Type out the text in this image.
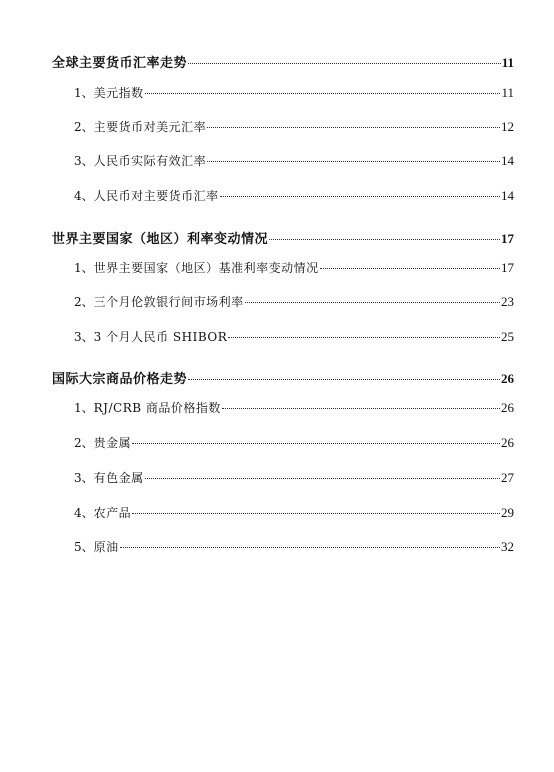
全球主要货币汇率走势	11
1、 美元指数	11
2、 主要货币对美元汇率	12
3、 人民币实际有效汇率	14
4、 人民币对主要货币汇率	14
世界主要国家（地区）利率变动情况	17
1、 世界主要国家（地区）基准利率变动情况	17
2、 三个月伦敦银行间市场利率	23
3、 3 个月人民币 SHIBOR	25
国际大宗商品价格走势	26
1、 RJ/CRB 商品价格指数	26
2、 贵金属	26
3、 有色金属	27
4、 农产品	29
5、 原油	32
